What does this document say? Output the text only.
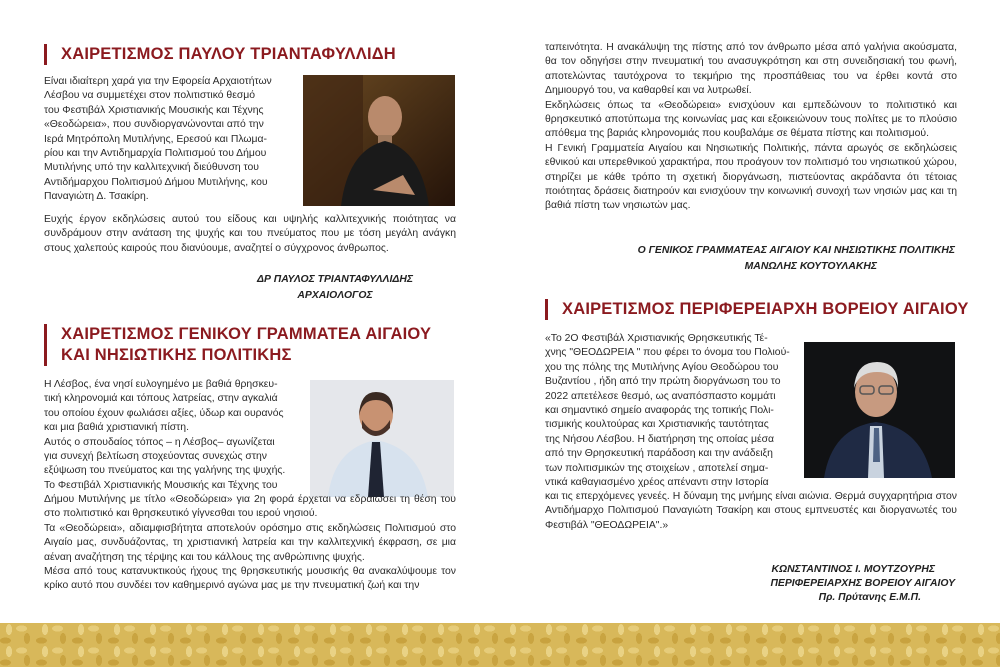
ΧΑΙΡΕΤΙΣΜΟΣ ΠΑΥΛΟΥ ΤΡΙΑΝΤΑΦΥΛΛΙΔΗ

Είναι ιδιαίτερη χαρά για την Εφορεία Αρχαιοτήτων

Λέσβου να συμμετέχει στον πολιτιστικό θεσμό

του Φεστιβάλ Χριστιανικής Μουσικής και Τέχνης

«Θεοδώρεια», που συνδιοργανώνονται από την

Ιερά Μητρόπολη Μυτιλήνης, Ερεσού και Πλωμα-

ρίου και την Αντιδημαρχία Πολιτισμού του Δήμου

Μυτιλήνης υπό την καλλιτεχνική διεύθυνση του

Αντιδήμαρχου Πολιτισμού Δήμου Μυτιλήνης, κου

Παναγιώτη Δ. Τσακίρη.

Ευχής έργον εκδηλώσεις αυτού του είδους και υψηλής καλλιτεχνικής ποιότητας να συνδράμουν στην ανάταση της ψυχής και του πνεύματος που με τόση μεγάλη ανάγκη στους χαλεπούς καιρούς που διανύουμε, αναζητεί ο σύγχρονος άνθρωπος.
ΔΡ ΠΑΥΛΟΣ ΤΡΙΑΝΤΑΦΥΛΛΙΔΗΣ
ΑΡΧΑΙΟΛΟΓΟΣ
ΧΑΙΡΕΤΙΣΜΟΣ ΓΕΝΙΚΟΥ ΓΡΑΜΜΑΤΕΑ ΑΙΓΑΙΟΥ
ΚΑΙ ΝΗΣΙΩΤΙΚΗΣ ΠΟΛΙΤΙΚΗΣ

Η Λέσβος, ένα νησί ευλογημένο με βαθιά θρησκευ-

τική κληρονομιά και τόπους λατρείας, στην αγκαλιά

του οποίου έχουν φωλιάσει αξίες, ύδωρ και ουρανός

και μια βαθιά χριστιανική πίστη.

Αυτός ο σπουδαίος τόπος – η Λέσβος– αγωνίζεται

για συνεχή βελτίωση στοχεύοντας συνεχώς στην

εξύψωση του πνεύματος και της γαλήνης της ψυχής.

Το Φεστιβάλ Χριστιανικής Μουσικής και Τέχνης του

Δήμου Μυτιλήνης με τίτλο «Θεοδώρεια» για 2η φορά έρχεται να εδραιώσει τη θέση του στο πολιτιστικό και θρησκευτικό γίγνεσθαι του ιερού νησιού.

Τα «Θεοδώρεια», αδιαμφισβήτητα αποτελούν ορόσημο στις εκδηλώσεις Πολιτισμού στο Αιγαίο μας, συνδυάζοντας, τη χριστιανική λατρεία και την καλλιτεχνική έκφραση, σε μια αέναη αναζήτηση της τέρψης και του κάλλους της ανθρώπινης ψυχής.

Μέσα από τους κατανυκτικούς ήχους της θρησκευτικής μουσικής θα ανακαλύψουμε τον κρίκο αυτό που συνδέει τον καθημερινό αγώνα μας με την πνευματική ζωή και την

ταπεινότητα. Η ανακάλυψη της πίστης από τον άνθρωπο μέσα από γαλήνια ακούσματα, θα τον οδηγήσει στην πνευματική του ανασυγκρότηση και στη συνειδησιακή του φωνή, αποτελώντας ταυτόχρονα το τεκμήριο της προσπάθειας του να έρθει κοντά στο Δημιουργό του, να καθαρθεί και να λυτρωθεί.

Εκδηλώσεις όπως τα «Θεοδώρεια» ενισχύουν και εμπεδώνουν το πολιτιστικό και θρησκευτικό αποτύπωμα της κοινωνίας μας και εξοικειώνουν τους πολίτες με το πλούσιο απόθεμα της βαριάς κληρονομιάς που κουβαλάμε σε θέματα πίστης και πολιτισμού.

Η Γενική Γραμματεία Αιγαίου και Νησιωτικής Πολιτικής, πάντα αρωγός σε εκδηλώσεις εθνικού και υπερεθνικού χαρακτήρα, που προάγουν τον πολιτισμό του νησιωτικού χώρου, στηρίζει με κάθε τρόπο τη σχετική διοργάνωση, πιστεύοντας ακράδαντα ότι τέτοιας ποιότητας δράσεις διατηρούν και ενισχύουν την κοινωνική συνοχή των νησιών μας και τη βαθιά πίστη των νησιωτών μας.

Ο ΓΕΝΙΚΟΣ ΓΡΑΜΜΑΤΕΑΣ ΑΙΓΑΙΟΥ ΚΑΙ ΝΗΣΙΩΤΙΚΗΣ ΠΟΛΙΤΙΚΗΣ
ΜΑΝΩΛΗΣ ΚΟΥΤΟΥΛΑΚΗΣ
ΧΑΙΡΕΤΙΣΜΟΣ ΠΕΡΙΦΕΡΕΙΑΡΧΗ ΒΟΡΕΙΟΥ ΑΙΓΑΙΟΥ

«Το 2Ο Φεστιβάλ Χριστιανικής Θρησκευτικής Τέ-

χνης "ΘΕΟΔΩΡΕΙΑ " που φέρει το όνομα του Πολιού-

χου της πόλης της Μυτιλήνης Αγίου Θεοδώρου του

Βυζαντίου , ήδη από την πρώτη διοργάνωση του το

2022 απετέλεσε θεσμό, ως αναπόσπαστο κομμάτι

και σημαντικό σημείο αναφοράς της τοπικής Πολι-

τισμικής κουλτούρας και Χριστιανικής ταυτότητας

της Νήσου Λέσβου. Η διατήρηση της οποίας μέσα

από την Θρησκευτική παράδοση και την ανάδειξη

των πολιτισμικών της στοιχείων , αποτελεί σημα-

ντικά καθαγιασμένο χρέος απέναντι στην Ιστορία

και τις επερχόμενες γενεές. Η δύναμη της μνήμης είναι αιώνια. Θερμά συγχαρητήρια στον Αντιδήμαρχο Πολιτισμού Παναγιώτη Τσακίρη και στους εμπνευστές και διοργανωτές του Φεστιβάλ "ΘΕΟΔΩΡΕΙΑ".»
ΚΩΝΣΤΑΝΤΙΝΟΣ Ι. ΜΟΥΤΖΟΥΡΗΣ
ΠΕΡΙΦΕΡΕΙΑΡΧΗΣ ΒΟΡΕΙΟΥ ΑΙΓΑΙΟΥ
Πρ. Πρύτανης Ε.Μ.Π.
